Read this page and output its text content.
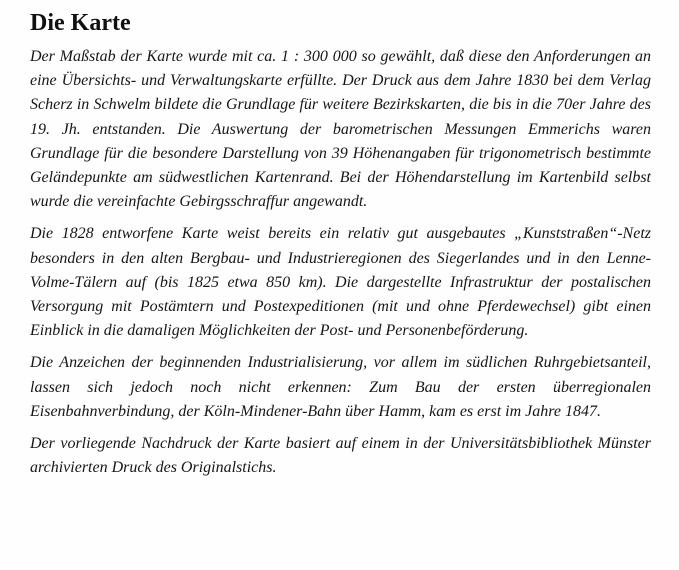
Die Karte

Der Maßstab der Karte wurde mit ca. 1 : 300 000 so gewählt, daß diese den Anforderungen an eine Übersichts- und Verwaltungskarte erfüllte. Der Druck aus dem Jahre 1830 bei dem Verlag Scherz in Schwelm bildete die Grundlage für weitere Bezirkskarten, die bis in die 70er Jahre des 19. Jh. entstanden. Die Auswertung der barometrischen Messungen Emmerichs waren Grundlage für die besondere Darstellung von 39 Höhenangaben für trigonometrisch bestimmte Geländepunkte am südwestlichen Kartenrand. Bei der Höhendarstellung im Kartenbild selbst wurde die vereinfachte Gebirgsschraffur angewandt.

Die 1828 entworfene Karte weist bereits ein relativ gut ausgebautes „Kunststraßen“-Netz besonders in den alten Bergbau- und Industrieregionen des Siegerlandes und in den Lenne-Volme-Tälern auf (bis 1825 etwa 850 km). Die dargestellte Infrastruktur der postalischen Versorgung mit Postämtern und Postexpeditionen (mit und ohne Pferdewechsel) gibt einen Einblick in die damaligen Möglichkeiten der Post- und Personenbeförderung.

Die Anzeichen der beginnenden Industrialisierung, vor allem im südlichen Ruhrgebietsanteil, lassen sich jedoch noch nicht erkennen: Zum Bau der ersten überregionalen Eisenbahnverbindung, der Köln-Mindener-Bahn über Hamm, kam es erst im Jahre 1847.

Der vorliegende Nachdruck der Karte basiert auf einem in der Universitätsbibliothek Münster archivierten Druck des Originalstichs.
